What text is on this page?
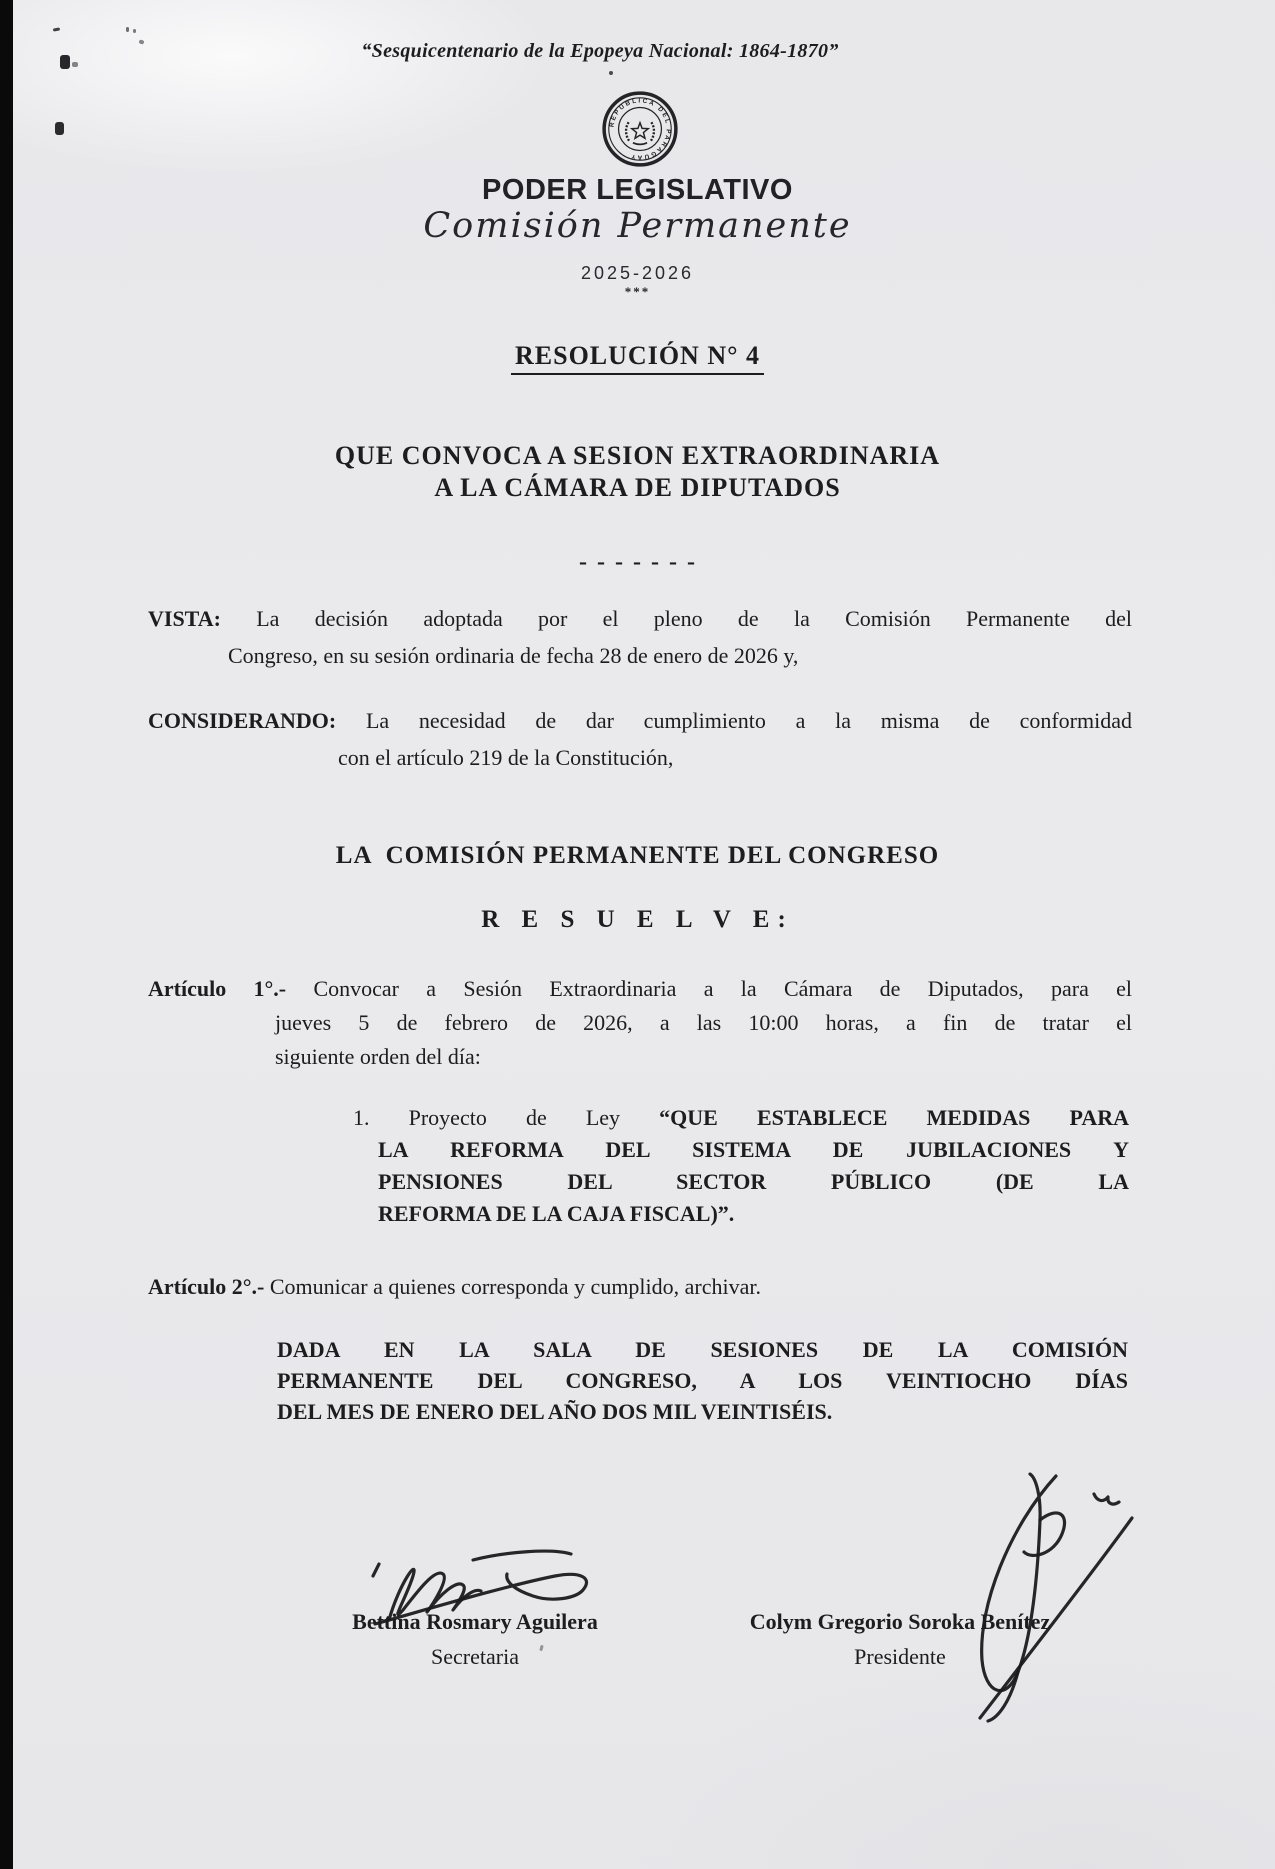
“Sesquicentenario de la Epopeya Nacional: 1864-1870”
REPUBLICA DEL PARAGUAY
PODER LEGISLATIVO
Comisión Permanente
2025-2026
***
RESOLUCIÓN N° 4
QUE CONVOCA A SESION EXTRAORDINARIA
A LA CÁMARA DE DIPUTADOS
- - - - - - -
VISTA: La decisión adoptada por el pleno de la Comisión Permanente del
Congreso, en su sesión ordinaria de fecha 28 de enero de 2026 y,
CONSIDERANDO: La necesidad de dar cumplimiento a la misma de conformidad
con el artículo 219 de la Constitución,
LA  COMISIÓN PERMANENTE DEL CONGRESO
R E S U E L V E:
Artículo 1°.- Convocar a Sesión Extraordinaria a la Cámara de Diputados, para el
jueves 5 de febrero de 2026, a las 10:00 horas, a fin de tratar el
siguiente orden del día:
1. Proyecto de Ley “QUE ESTABLECE MEDIDAS PARA
LA REFORMA DEL SISTEMA DE JUBILACIONES Y
PENSIONES DEL SECTOR PÚBLICO (DE LA
REFORMA DE LA CAJA FISCAL)”.
Artículo 2°.- Comunicar a quienes corresponda y cumplido, archivar.
DADA EN LA SALA DE SESIONES DE LA COMISIÓN
PERMANENTE DEL CONGRESO, A LOS VEINTIOCHO DÍAS
DEL MES DE ENERO DEL AÑO DOS MIL VEINTISÉIS.
Bettina Rosmary Aguilera
Secretaria
Colym Gregorio Soroka Benítez
Presidente
